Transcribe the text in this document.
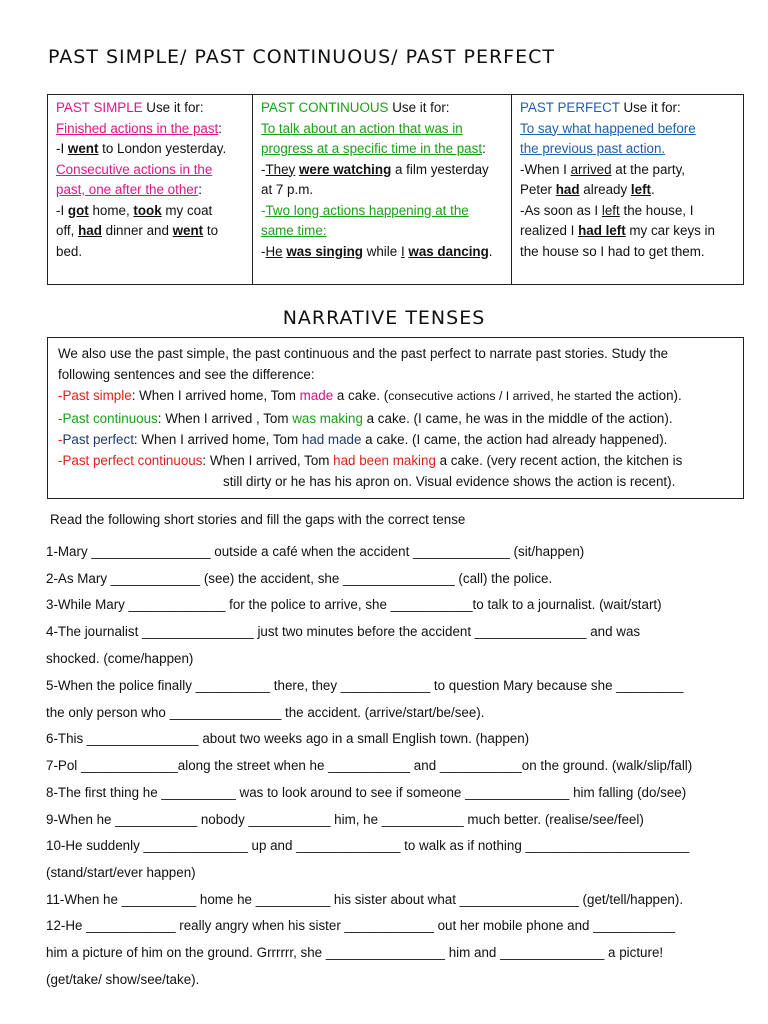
PAST SIMPLE/ PAST CONTINUOUS/ PAST PERFECT
PAST SIMPLE Use it for:
Finished actions in the past:
-I went to London yesterday.
Consecutive actions in the
past, one after the other:
-I got home, took my coat
off, had dinner and went to
bed.
PAST CONTINUOUS Use it for:
To talk about an action that was in
progress at a specific time in the past:
-They were watching a film yesterday
at 7 p.m.
-Two long actions happening at the
same time:
-He was singing while I was dancing.
PAST PERFECT Use it for:
To say what happened before
the previous past action.
-When I arrived at the party,
Peter had already left.
-As soon as I left the house, I
realized I had left my car keys in
the house so I had to get them.
NARRATIVE TENSES
We also use the past simple, the past continuous and the past perfect to narrate past stories. Study the
following sentences and see the difference:
-Past simple: When I arrived home, Tom made a cake. (consecutive actions / I arrived, he started the action).
-Past continuous: When I arrived , Tom was making a cake. (I came, he was in the middle of the action).
-Past perfect: When I arrived home, Tom had made a cake. (I came, the action had already happened).
-Past perfect continuous: When I arrived, Tom had been making a cake. (very recent action, the kitchen is
still dirty or he has his apron on. Visual evidence shows the action is recent).
Read the following short stories and fill the gaps with the correct tense
1-Mary ________________ outside a café when the accident _____________ (sit/happen)
2-As Mary ____________ (see) the accident, she _______________ (call) the police.
3-While Mary _____________ for the police to arrive, she ___________to talk to a journalist. (wait/start)
4-The journalist _______________ just two minutes before the accident _______________ and was
shocked. (come/happen)
5-When the police finally __________ there, they ____________ to question Mary because she _________
the only person who _______________ the accident. (arrive/start/be/see).
6-This _______________ about two weeks ago in a small English town. (happen)
7-Pol _____________along the street when he ___________ and ___________on the ground. (walk/slip/fall)
8-The first thing he __________ was to look around to see if someone ______________ him falling (do/see)
9-When he ___________ nobody ___________ him, he ___________ much better. (realise/see/feel)
10-He suddenly ______________ up and ______________ to walk as if nothing ______________________
(stand/start/ever happen)
11-When he __________ home he __________ his sister about what ________________ (get/tell/happen).
12-He ____________ really angry when his sister ____________ out her mobile phone and ___________
him a picture of him on the ground. Grrrrrr, she ________________ him and ______________ a picture!
(get/take/ show/see/take).
